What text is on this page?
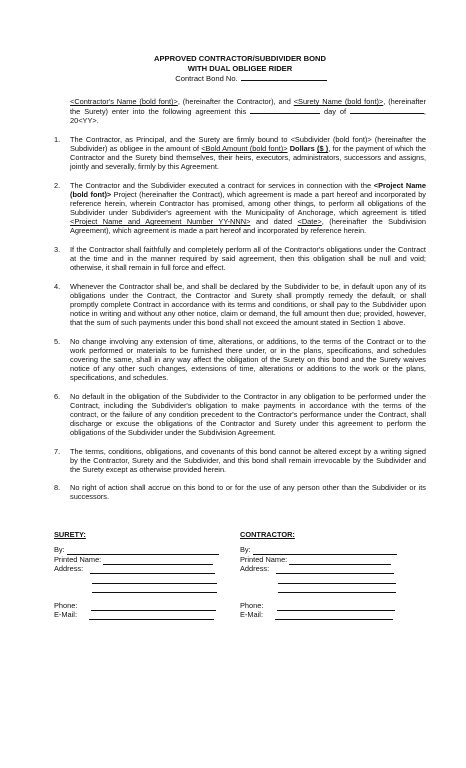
APPROVED CONTRACTOR/SUBDIVIDER BOND
WITH DUAL OBLIGEE RIDER
Contract Bond No.
<Contractor's Name (bold font)>, (hereinafter the Contractor), and <Surety Name (bold font)>, (hereinafter the Surety) enter into the following agreement this	day of	, 20<YY>.
1.	The Contractor, as Principal, and the Surety are firmly bound to <Subdivider (bold font)> (hereinafter the Subdivider) as obligee in the amount of <Bold Amount (bold font)> Dollars ($ ), for the payment of which the Contractor and the Surety bind themselves, their heirs, executors, administrators, successors and assigns, jointly and severally, firmly by this Agreement.
2.	The Contractor and the Subdivider executed a contract for services in connection with the <Project Name (bold font)> Project (hereinafter the Contract), which agreement is made a part hereof and incorporated by reference herein, wherein Contractor has promised, among other things, to perform all obligations of the Subdivider under Subdivider's agreement with the Municipality of Anchorage, which agreement is titled <Project Name and Agreement Number YY-NNN> and dated <Date>, (hereinafter the Subdivision Agreement), which agreement is made a part hereof and incorporated by reference herein.
3.	If the Contractor shall faithfully and completely perform all of the Contractor's obligations under the Contract at the time and in the manner required by said agreement, then this obligation shall be null and void; otherwise, it shall remain in full force and effect.
4.	Whenever the Contractor shall be, and shall be declared by the Subdivider to be, in default upon any of its obligations under the Contract, the Contractor and Surety shall promptly remedy the default, or shall promptly complete Contract in accordance with its terms and conditions, or shall pay to the Subdivider upon notice in writing and without any other notice, claim or demand, the full amount then due; provided, however, that the sum of such payments under this bond shall not exceed the amount stated in Section 1 above.
5.	No change involving any extension of time, alterations, or additions, to the terms of the Contract or to the work performed or materials to be furnished there under, or in the plans, specifications, and schedules covering the same, shall in any way affect the obligation of the Surety on this bond and the Surety waives notice of any other such changes, extensions of time, alterations or additions to the work or the plans, specifications, and schedules.
6.	No default in the obligation of the Subdivider to the Contractor in any obligation to be performed under the Contract, including the Subdivider's obligation to make payments in accordance with the terms of the contract, or the failure of any condition precedent to the Contractor's performance under the Contract, shall discharge or excuse the obligations of the Contractor and Surety under this agreement to perform the obligations of the Subdivider under the Subdivision Agreement.
7.	The terms, conditions, obligations, and covenants of this bond cannot be altered except by a writing signed by the Contractor, Surety and the Subdivider, and this bond shall remain irrevocable by the Subdivider and the Surety except as otherwise provided herein.
8.	No right of action shall accrue on this bond to or for the use of any person other than the Subdivider or its successors.
SURETY:
By:
Printed Name:
Address:
Phone:
E-Mail:
CONTRACTOR:
By:
Printed Name:
Address:
Phone:
E-Mail:
